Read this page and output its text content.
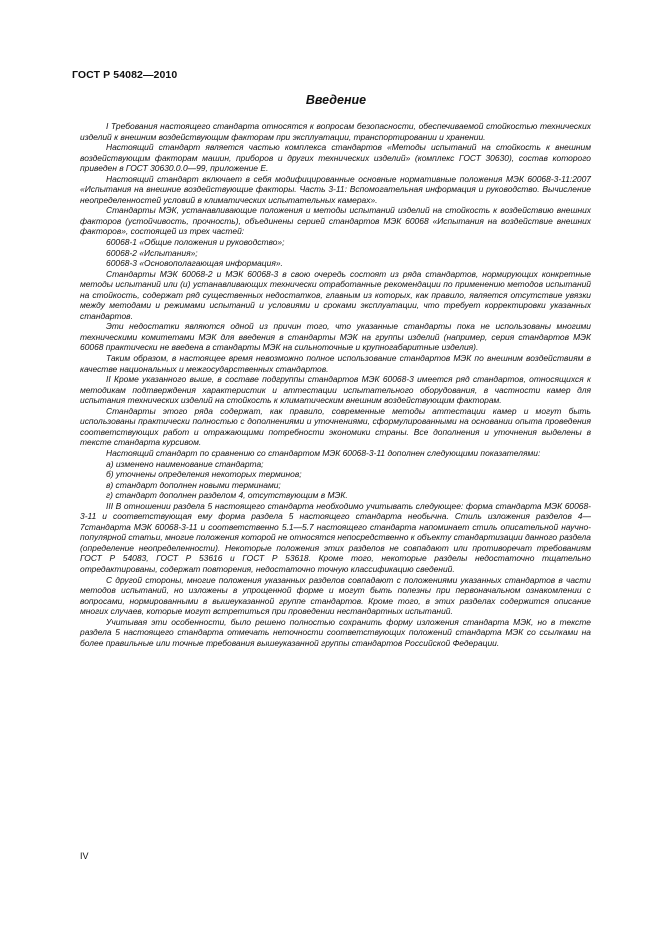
ГОСТ Р 54082—2010
Введение

I Требования настоящего стандарта относятся к вопросам безопасности, обеспечиваемой стойкостью технических изделий к внешним воздействующим факторам при эксплуатации, транспортировании и хранении.

Настоящий стандарт является частью комплекса стандартов «Методы испытаний на стойкость к внешним воздействующим факторам машин, приборов и других технических изделий» (комплекс ГОСТ 30630), состав которого приведен в ГОСТ 30630.0.0—99, приложение Е.

Настоящий стандарт включает в себя модифицированные основные нормативные положения МЭК 60068-3-11:2007 «Испытания на внешние воздействующие факторы. Часть 3-11: Вспомогательная информация и руководство. Вычисление неопределенностей условий в климатических испытательных камерах».

Стандарты МЭК, устанавливающие положения и методы испытаний изделий на стойкость к воздействию внешних факторов (устойчивость, прочность), объединены серией стандартов МЭК 60068 «Испытания на воздействие внешних факторов», состоящей из трех частей:

60068-1 «Общие положения и руководство»;

60068-2 «Испытания»;

60068-3 «Основополагающая информация».

Стандарты МЭК 60068-2 и МЭК 60068-3 в свою очередь состоят из ряда стандартов, нормирующих конкретные методы испытаний или (и) устанавливающих технически отработанные рекомендации по применению методов испытаний на стойкость, содержат ряд существенных недостатков, главным из которых, как правило, является отсутствие увязки между методами и режимами испытаний и условиями и сроками эксплуатации, что требует корректировки указанных стандартов.

Эти недостатки являются одной из причин того, что указанные стандарты пока не использованы многими техническими комитетами МЭК для введения в стандарты МЭК на группы изделий (например, серия стандартов МЭК 60068 практически не введена в стандарты МЭК на сильноточные и крупногабаритные изделия).

Таким образом, в настоящее время невозможно полное использование стандартов МЭК по внешним воздействиям в качестве национальных и межгосударственных стандартов.

II Кроме указанного выше, в составе подгруппы стандартов МЭК 60068-3 имеется ряд стандартов, относящихся к методикам подтверждения характеристик и аттестации испытательного оборудования, в частности камер для испытания технических изделий на стойкость к климатическим внешним воздействующим факторам.

Стандарты этого ряда содержат, как правило, современные методы аттестации камер и могут быть использованы практически полностью с дополнениями и уточнениями, сформулированными на основании опыта проведения соответствующих работ и отражающими потребности экономики страны. Все дополнения и уточнения выделены в тексте стандарта курсивом.

Настоящий стандарт по сравнению со стандартом МЭК 60068-3-11 дополнен следующими показателями:

а) изменено наименование стандарта;

б) уточнены определения некоторых терминов;

в) стандарт дополнен новыми терминами;

г) стандарт дополнен разделом 4, отсутствующим в МЭК.

III В отношении раздела 5 настоящего стандарта необходимо учитывать следующее: форма стандарта МЭК 60068-3-11 и соответствующая ему форма раздела 5 настоящего стандарта необычна. Стиль изложения разделов 4—7стандарта МЭК 60068-3-11 и соответственно 5.1—5.7 настоящего стандарта напоминает стиль описательной научно-популярной статьи, многие положения которой не относятся непосредственно к объекту стандартизации данного раздела (определение неопределенности). Некоторые положения этих разделов не совпадают или противоречат требованиям ГОСТ Р 54083, ГОСТ Р 53616 и ГОСТ Р 53618. Кроме того, некоторые разделы недостаточно тщательно отредактированы, содержат повторения, недостаточно точную классификацию сведений.

С другой стороны, многие положения указанных разделов совпадают с положениями указанных стандартов в части методов испытаний, но изложены в упрощенной форме и могут быть полезны при первоначальном ознакомлении с вопросами, нормированными в вышеуказанной группе стандартов. Кроме того, в этих разделах содержится описание многих случаев, которые могут встретиться при проведении нестандартных испытаний.

Учитывая эти особенности, было решено полностью сохранить форму изложения стандарта МЭК, но в тексте раздела 5 настоящего стандарта отмечать неточности соответствующих положений стандарта МЭК со ссылками на более правильные или точные требования вышеуказанной группы стандартов Российской Федерации.

IV
